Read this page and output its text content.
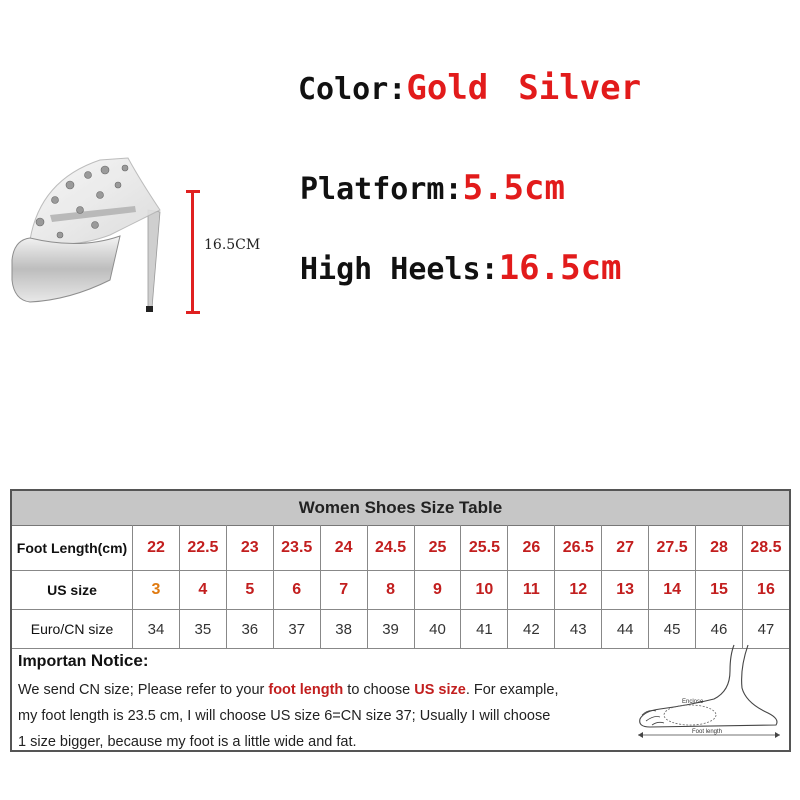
16.5CM
Color:Gold Silver
Platform:5.5cm
High Heels:16.5cm
Women Shoes Size Table
Foot Length(cm)	22	22.5	23	23.5	24	24.5	25	25.5	26	26.5	27	27.5	28	28.5
US size	3	4	5	6	7	8	9	10	11	12	13	14	15	16
Euro/CN size	34	35	36	37	38	39	40	41	42	43	44	45	46	47
Importan Notice:

We send CN size; Please refer to your foot length to choose US size. For example,

my foot length is 23.5 cm, I will choose US size 6=CN size 37; Usually I will choose

1 size bigger, because my foot is a little wide and fat.

Enclose
Foot length
